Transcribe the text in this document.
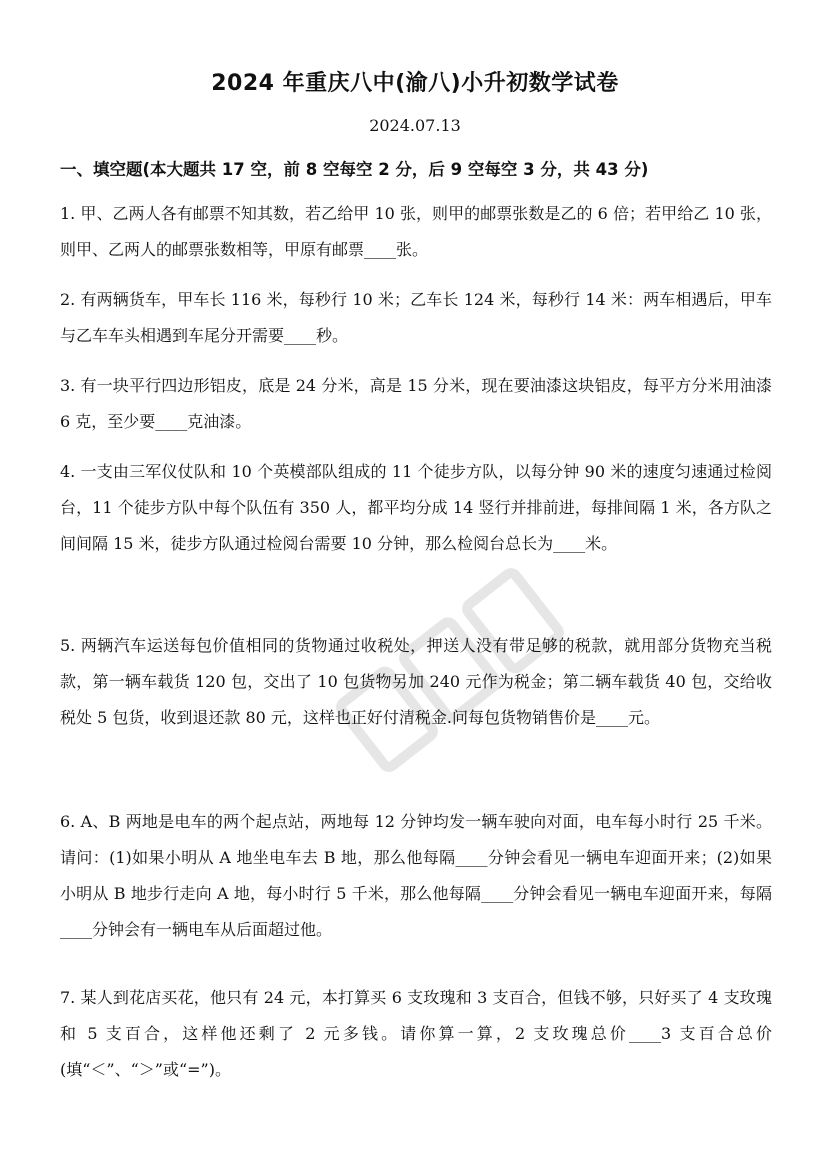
2024 年重庆八中(渝八)小升初数学试卷
2024.07.13
一、填空题(本大题共 17 空，前 8 空每空 2 分，后 9 空每空 3 分，共 43 分)
1. 甲、乙两人各有邮票不知其数，若乙给甲 10 张，则甲的邮票张数是乙的 6 倍；若甲给乙 10 张，则甲、乙两人的邮票张数相等，甲原有邮票____张。
2. 有两辆货车，甲车长 116 米，每秒行 10 米；乙车长 124 米，每秒行 14 米：两车相遇后，甲车与乙车车头相遇到车尾分开需要____秒。
3. 有一块平行四边形铝皮，底是 24 分米，高是 15 分米，现在要油漆这块铝皮，每平方分米用油漆 6 克，至少要____克油漆。
4. 一支由三军仪仗队和 10 个英模部队组成的 11 个徒步方队，以每分钟 90 米的速度匀速通过检阅台，11 个徒步方队中每个队伍有 350 人，都平均分成 14 竖行并排前进，每排间隔 1 米，各方队之间间隔 15 米，徒步方队通过检阅台需要 10 分钟，那么检阅台总长为____米。
5. 两辆汽车运送每包价值相同的货物通过收税处，押送人没有带足够的税款，就用部分货物充当税款，第一辆车载货 120 包，交出了 10 包货物另加 240 元作为税金；第二辆车载货 40 包，交给收税处 5 包货，收到退还款 80 元，这样也正好付清税金.问每包货物销售价是____元。
6. A、B 两地是电车的两个起点站，两地每 12 分钟均发一辆车驶向对面，电车每小时行 25 千米。请问：(1)如果小明从 A 地坐电车去 B 地，那么他每隔____分钟会看见一辆电车迎面开来；(2)如果小明从 B 地步行走向 A 地，每小时行 5 千米，那么他每隔____分钟会看见一辆电车迎面开来，每隔____分钟会有一辆电车从后面超过他。
7. 某人到花店买花，他只有 24 元，本打算买 6 支玫瑰和 3 支百合，但钱不够，只好买了 4 支玫瑰和 5 支百合，这样他还剩了 2 元多钱。请你算一算，2 支玫瑰总价____3 支百合总价(填“＜”、“＞”或“=”)。
